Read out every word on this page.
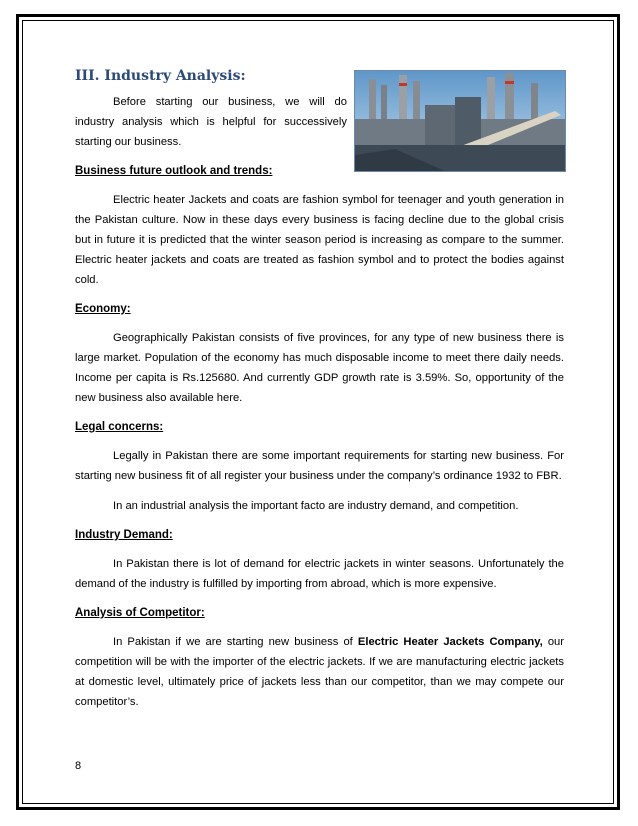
III. Industry Analysis:

Before starting our business, we will do industry analysis which is helpful for successively starting our business.

Business future outlook and trends:

Electric heater Jackets and coats are fashion symbol for teenager and youth generation in the Pakistan culture. Now in these days every business is facing decline due to the global crisis but in future it is predicted that the winter season period is increasing as compare to the summer. Electric heater jackets and coats are treated as fashion symbol and to protect the bodies against cold.

Economy:

Geographically Pakistan consists of five provinces, for any type of new business there is large market. Population of the economy has much disposable income to meet there daily needs. Income per capita is Rs.125680. And currently GDP growth rate is 3.59%. So, opportunity of the new business also available here.

Legal concerns:

Legally in Pakistan there are some important requirements for starting new business. For starting new business fit of all register your business under the company’s ordinance 1932 to FBR.

In an industrial analysis the important facto are industry demand, and competition.

Industry Demand:

In Pakistan there is lot of demand for electric jackets in winter seasons. Unfortunately the demand of the industry is fulfilled by importing from abroad, which is more expensive.

Analysis of Competitor:

In Pakistan if we are starting new business of Electric Heater Jackets Company, our competition will be with the importer of the electric jackets. If we are manufacturing electric jackets at domestic level, ultimately price of jackets less than our competitor, than we may compete our competitor’s.

8
